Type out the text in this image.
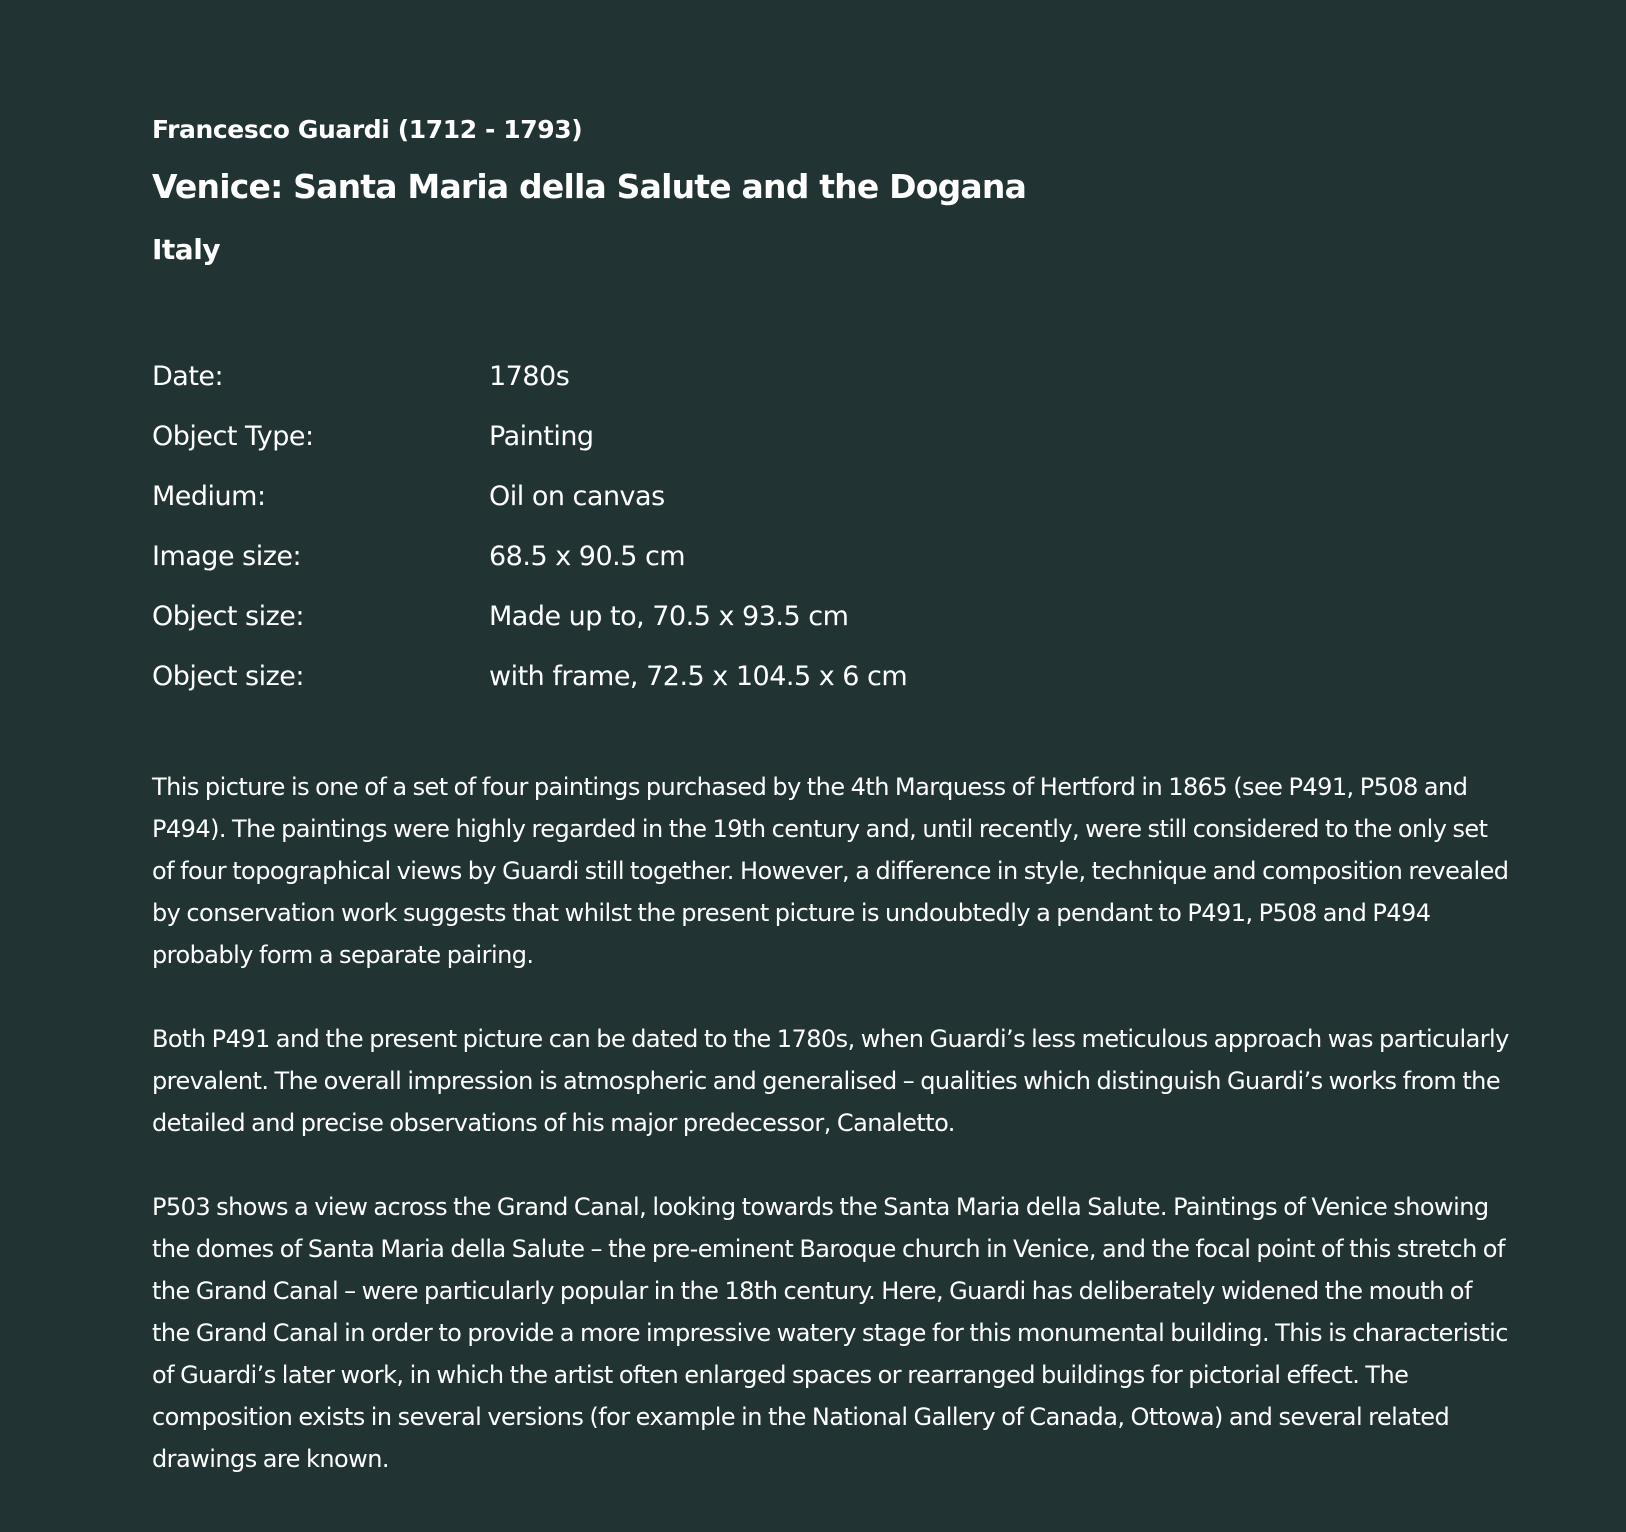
Francesco Guardi (1712 - 1793)
Venice: Santa Maria della Salute and the Dogana
Italy
Date:	1780s
Object Type:	Painting
Medium:	Oil on canvas
Image size:	68.5 x 90.5 cm
Object size:	Made up to, 70.5 x 93.5 cm
Object size:	with frame, 72.5 x 104.5 x 6 cm

This picture is one of a set of four paintings purchased by the 4th Marquess of Hertford in 1865 (see P491, P508 and P494). The paintings were highly regarded in the 19th century and, until recently, were still considered to the only set of four topographical views by Guardi still together. However, a difference in style, technique and composition revealed by conservation work suggests that whilst the present picture is undoubtedly a pendant to P491, P508 and P494 probably form a separate pairing.

Both P491 and the present picture can be dated to the 1780s, when Guardi’s less meticulous approach was particularly prevalent. The overall impression is atmospheric and generalised – qualities which distinguish Guardi’s works from the detailed and precise observations of his major predecessor, Canaletto.

P503 shows a view across the Grand Canal, looking towards the Santa Maria della Salute. Paintings of Venice showing the domes of Santa Maria della Salute – the pre-eminent Baroque church in Venice, and the focal point of this stretch of the Grand Canal – were particularly popular in the 18th century. Here, Guardi has deliberately widened the mouth of the Grand Canal in order to provide a more impressive watery stage for this monumental building. This is characteristic of Guardi’s later work, in which the artist often enlarged spaces or rearranged buildings for pictorial effect. The composition exists in several versions (for example in the National Gallery of Canada, Ottowa) and several related drawings are known.
